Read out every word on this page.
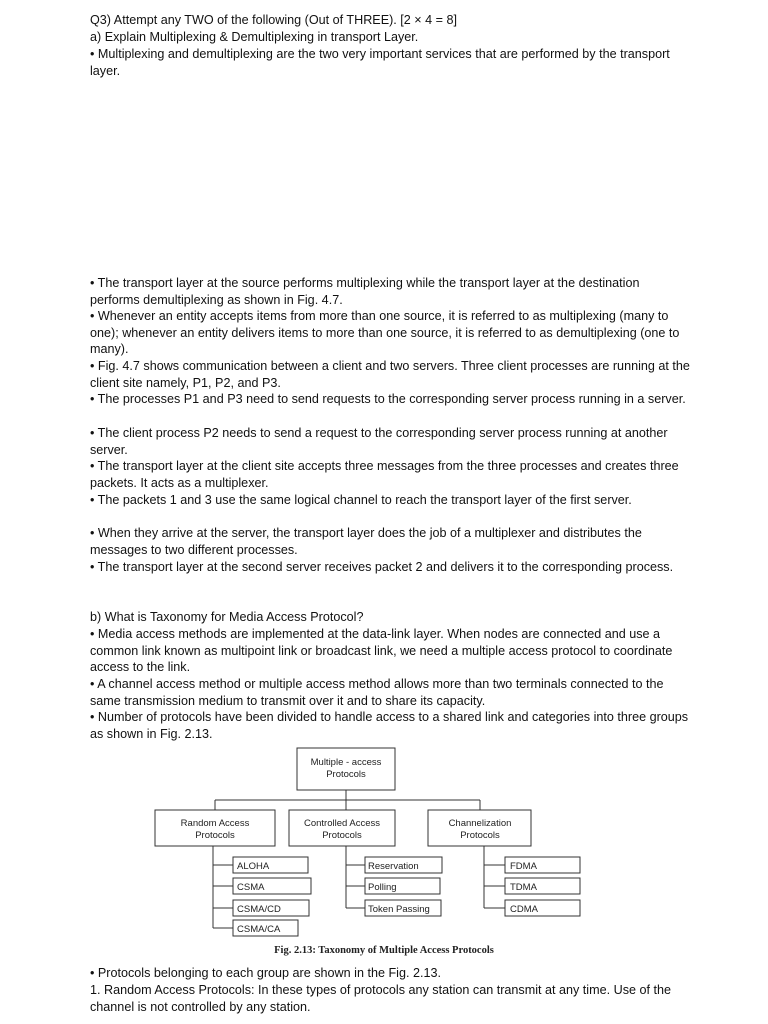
Q3) Attempt any TWO of the following (Out of THREE). [2 × 4 = 8]

a) Explain Multiplexing & Demultiplexing in transport Layer.

• Multiplexing and demultiplexing are the two very important services that are performed by the transport layer.

• The transport layer at the source performs multiplexing while the transport layer at the destination performs demultiplexing as shown in Fig. 4.7.

• Whenever an entity accepts items from more than one source, it is referred to as multiplexing (many to one); whenever an entity delivers items to more than one source, it is referred to as demultiplexing (one to many).

• Fig. 4.7 shows communication between a client and two servers. Three client processes are running at the client site namely, P1, P2, and P3.

• The processes P1 and P3 need to send requests to the corresponding server process running in a server.

• The client process P2 needs to send a request to the corresponding server process running at another server.

• The transport layer at the client site accepts three messages from the three processes and creates three packets. It acts as a multiplexer.

• The packets 1 and 3 use the same logical channel to reach the transport layer of the first server.

• When they arrive at the server, the transport layer does the job of a multiplexer and distributes the messages to two different processes.

• The transport layer at the second server receives packet 2 and delivers it to the corresponding process.

b) What is Taxonomy for Media Access Protocol?

• Media access methods are implemented at the data-link layer. When nodes are connected and use a common link known as multipoint link or broadcast link, we need a multiple access protocol to coordinate access to the link.

• A channel access method or multiple access method allows more than two terminals connected to the same transmission medium to transmit over it and to share its capacity.

• Number of protocols have been divided to handle access to a shared link and categories into three groups as shown in Fig. 2.13.

Multiple - access
Protocols
Random Access
Protocols
Controlled Access
Protocols
Channelization
Protocols
ALOHA
CSMA
CSMA/CD
CSMA/CA
Reservation
Polling
Token Passing
FDMA
TDMA
CDMA
Fig. 2.13: Taxonomy of Multiple Access Protocols

• Protocols belonging to each group are shown in the Fig. 2.13.

1. Random Access Protocols: In these types of protocols any station can transmit at any time. Use of the channel is not controlled by any station.
